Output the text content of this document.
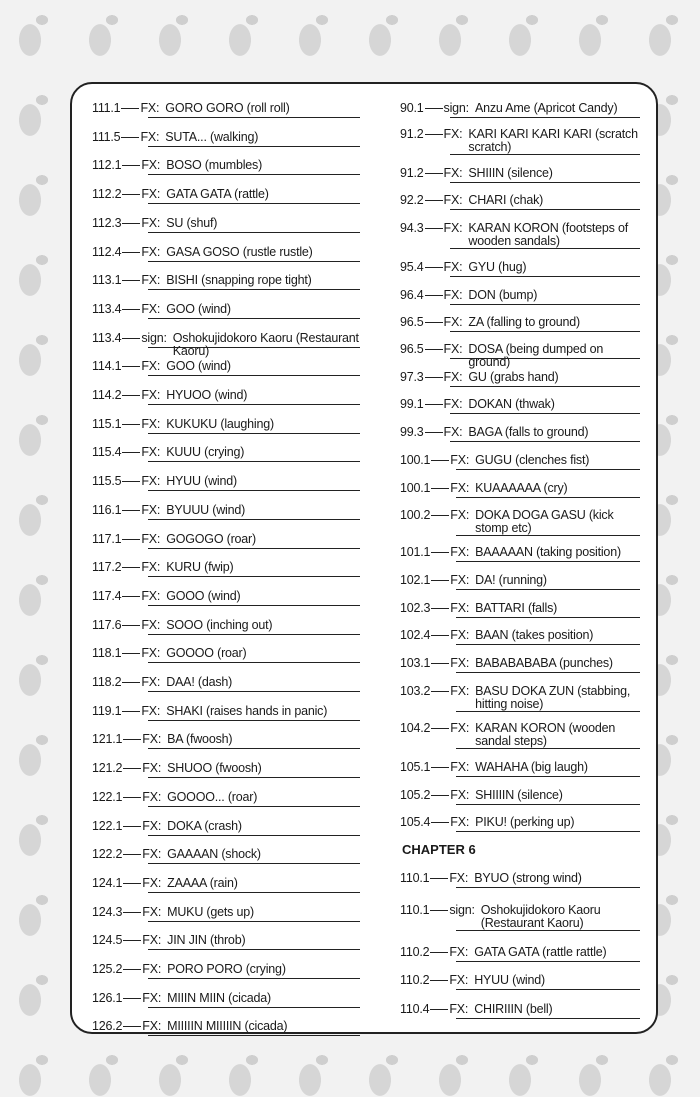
111.1 FX: GORO GORO (roll roll)
111.5 FX: SUTA... (walking)
112.1 FX: BOSO (mumbles)
112.2 FX: GATA GATA (rattle)
112.3 FX: SU (shuf)
112.4 FX: GASA GOSO (rustle rustle)
113.1 FX: BISHI (snapping rope tight)
113.4 FX: GOO (wind)
113.4 sign: Oshokujidokoro Kaoru (Restaurant Kaoru)
114.1 FX: GOO (wind)
114.2 FX: HYUOO (wind)
115.1 FX: KUKUKU (laughing)
115.4 FX: KUUU (crying)
115.5 FX: HYUU (wind)
116.1 FX: BYUUU (wind)
117.1 FX: GOGOGO (roar)
117.2 FX: KURU (fwip)
117.4 FX: GOOO (wind)
117.6 FX: SOOO (inching out)
118.1 FX: GOOOO (roar)
118.2 FX: DAA! (dash)
119.1 FX: SHAKI (raises hands in panic)
121.1 FX: BA (fwoosh)
121.2 FX: SHUOO (fwoosh)
122.1 FX: GOOOO... (roar)
122.1 FX: DOKA (crash)
122.2 FX: GAAAAN (shock)
124.1 FX: ZAAAA (rain)
124.3 FX: MUKU (gets up)
124.5 FX: JIN JIN (throb)
125.2 FX: PORO PORO (crying)
126.1 FX: MIIIN MIIN (cicada)
126.2 FX: MIIIIIN MIIIIIN (cicada)
90.1 sign: Anzu Ame (Apricot Candy)
91.2 FX: KARI KARI KARI KARI (scratch scratch)
91.2 FX: SHIIIN (silence)
92.2 FX: CHARI (chak)
94.3 FX: KARAN KORON (footsteps of wooden sandals)
95.4 FX: GYU (hug)
96.4 FX: DON (bump)
96.5 FX: ZA (falling to ground)
96.5 FX: DOSA (being dumped on ground)
97.3 FX: GU (grabs hand)
99.1 FX: DOKAN (thwak)
99.3 FX: BAGA (falls to ground)
100.1 FX: GUGU (clenches fist)
100.1 FX: KUAAAAAA (cry)
100.2 FX: DOKA DOGA GASU (kick stomp etc)
101.1 FX: BAAAAAN (taking position)
102.1 FX: DA! (running)
102.3 FX: BATTARI (falls)
102.4 FX: BAAN (takes position)
103.1 FX: BABABABABA (punches)
103.2 FX: BASU DOKA ZUN (stabbing, hitting noise)
104.2 FX: KARAN KORON (wooden sandal steps)
105.1 FX: WAHAHA (big laugh)
105.2 FX: SHIIIIN (silence)
105.4 FX: PIKU! (perking up)
110.1 FX: BYUO (strong wind)
110.1 sign: Oshokujidokoro Kaoru (Restaurant Kaoru)
110.2 FX: GATA GATA (rattle rattle)
110.2 FX: HYUU (wind)
110.4 FX: CHIRIIIN (bell)
CHAPTER 6
